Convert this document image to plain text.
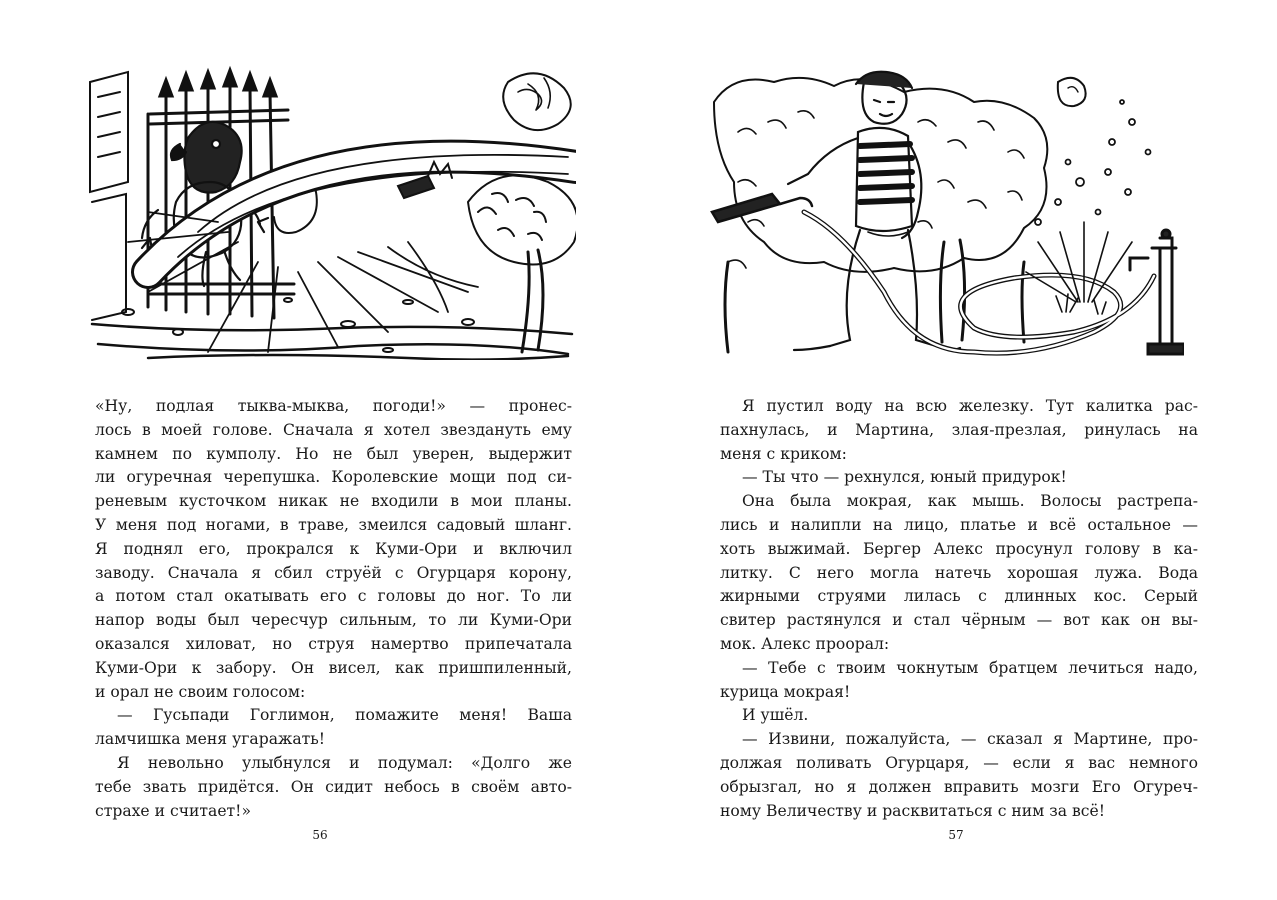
«Ну, подлая тыква-мыква, погоди!» — пронес-
лось в моей голове. Сначала я хотел звездануть ему
камнем по кумполу. Но не был уверен, выдержит
ли огуречная черепушка. Королевские мощи под си-
реневым кусточком никак не входили в мои планы.
У меня под ногами, в траве, змеился садовый шланг.
Я поднял его, прокрался к Куми-Ори и включил
заводу. Сначала я сбил струёй с Огурцаря корону,
а потом стал окатывать его с головы до ног. То ли
напор воды был чересчур сильным, то ли Куми-Ори
оказался хиловат, но струя намертво припечатала
Куми-Ори к забору. Он висел, как пришпиленный,
и орал не своим голосом:
— Гусьпади Гоглимон, помажите меня! Ваша
ламчишка меня угаражать!
Я невольно улыбнулся и подумал: «Долго же
тебе звать придётся. Он сидит небось в своём авто-
страхе и считает!»
56
Я пустил воду на всю железку. Тут калитка рас-
пахнулась, и Мартина, злая-презлая, ринулась на
меня с криком:
— Ты что — рехнулся, юный придурок!
Она была мокрая, как мышь. Волосы растрепа-
лись и налипли на лицо, платье и всё остальное —
хоть выжимай. Бергер Алекс просунул голову в ка-
литку. С него могла натечь хорошая лужа. Вода
жирными струями лилась с длинных кос. Серый
свитер растянулся и стал чёрным — вот как он вы-
мок. Алекс проорал:
— Тебе с твоим чокнутым братцем лечиться надо,
курица мокрая!
И ушёл.
— Извини, пожалуйста, — сказал я Мартине, про-
должая поливать Огурцаря, — если я вас немного
обрызгал, но я должен вправить мозги Его Огуреч-
ному Величеству и расквитаться с ним за всё!
57
